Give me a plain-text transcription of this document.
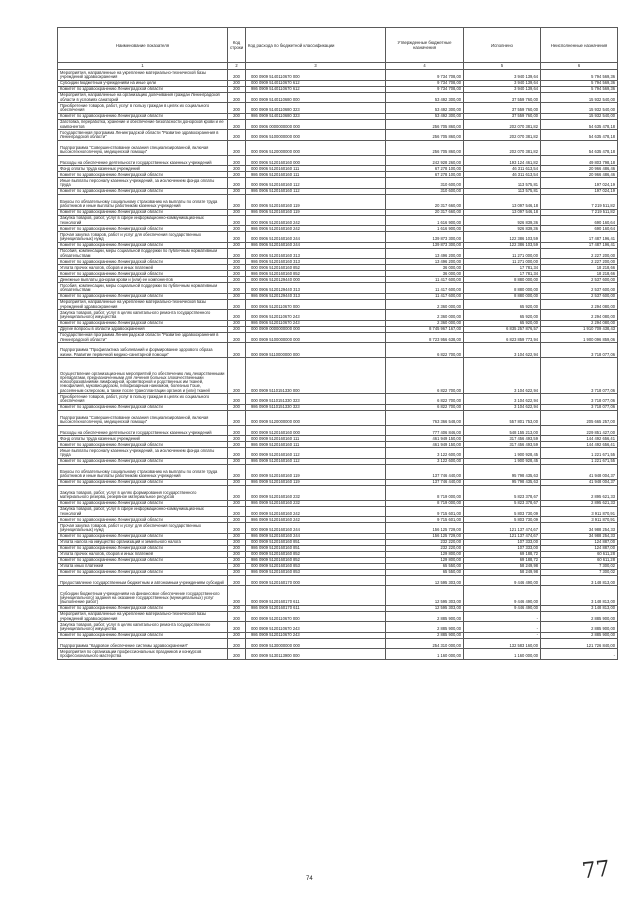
Наименование показателя	Код строки	Код расхода по бюджетной классификации	Утвержденные бюджетные назначения	Исполнено	Неисполненные назначения
1	2	3	4	5	6
Мероприятия, направленные на укрепление материально-технической базы учреждений здравоохранения	200	000 0909 5140110670 000	9 734 708,00	3 940 139,64	5 794 569,36
Субсидии бюджетным учреждениям на иные цели	200	000 0909 5140110670 612	9 734 708,00	3 940 139,64	5 794 569,36
Комитет по здравоохранению Ленинградской области	200	986 0909 5140110670 612	9 734 708,00	3 940 139,64	5 794 569,36
Мероприятия, направленные на организацию долечивания граждан Ленинградской области в условиях санаторий	200	000 0909 5140110680 000	53 492 300,00	37 559 760,00	15 932 540,00
Приобретение товаров, работ, услуг в пользу граждан в целях их социального обеспечения	200	000 0909 5140110680 323	53 492 300,00	37 559 760,00	15 932 540,00
Комитет по здравоохранению Ленинградской области	200	986 0909 5140110680 323	53 492 300,00	37 559 760,00	15 932 540,00
Заготовка, переработка, хранение и обеспечение безопасности донорской крови и ее компонентов	200	000 0906 0000000000 000	256 705 860,00	202 070 381,82	54 635 478,18
Государственная программа Ленинградской области "Развитие здравоохранения в Ленинградской области"	200	000 0906 5100000000 000	256 705 860,00	202 070 381,82	54 635 478,18
Подпрограмма "Совершенствование оказания специализированной, включая высокотехнологичную, медицинской помощи"	200	000 0906 5120000000 000	256 705 860,00	202 070 381,82	54 635 478,18
Расходы на обеспечение деятельности государственных казенных учреждений	200	000 0906 5120160160 000	242 928 260,00	193 124 461,82	49 803 798,18
Фонд оплаты труда казенных учреждений	200	000 0906 5120160160 111	67 278 100,00	46 311 613,54	20 966 486,46
Комитет по здравоохранению Ленинградской области	200	986 0906 5120160160 111	67 278 100,00	46 311 613,54	20 966 486,46
Иные выплаты персоналу казенных учреждений, за исключением фонда оплаты труда	200	000 0906 5120160160 112	310 600,00	113 575,81	197 024,19
Комитет по здравоохранению Ленинградской области	200	986 0906 5120160160 112	310 600,00	113 575,81	197 024,19
Взносы по обязательному социальному страхованию на выплаты по оплате труда работников и иные выплаты работникам казенных учреждений	200	000 0906 5120160160 119	20 317 660,00	13 097 546,18	7 219 511,82
Комитет по здравоохранению Ленинградской области	200	986 0906 5120160160 119	20 317 660,00	13 097 546,18	7 219 511,82
Закупка товаров, работ, услуг в сфере информационно-коммуникационных технологий	200	000 0906 5120160160 242	1 616 900,00	926 839,36	690 160,64
Комитет по здравоохранению Ленинградской области	200	986 0906 5120160160 242	1 616 900,00	926 839,36	690 160,64
Прочая закупка товаров, работ и услуг для обеспечения государственных (муниципальных) нужд	200	000 0906 5120160160 244	139 873 300,00	122 386 103,59	17 487 196,41
Комитет по здравоохранению Ленинградской области	200	986 0906 5120160160 244	139 873 300,00	122 386 103,59	17 487 196,41
Пособия, компенсации, меры социальной поддержки по публичным нормативным обязательствам	200	000 0906 5120160160 313	13 496 200,00	11 271 000,00	2 227 200,00
Комитет по здравоохранению Ленинградской области	200	986 0906 5120160160 313	13 496 200,00	11 271 000,00	2 227 200,00
Уплата прочих налогов, сборов и иных платежей	200	000 0906 5120160160 852	36 000,00	17 781,34	18 218,66
Комитет по здравоохранению Ленинградской области	200	986 0906 5120160160 852	36 000,00	17 781,34	18 218,66
Денежные выплаты донорам крови и (или) ее компонентов	200	000 0906 5120129440 000	11 417 600,00	8 880 000,00	2 537 600,00
Пособия, компенсации, меры социальной поддержки по публичным нормативным обязательствам	200	000 0906 5120129440 313	11 417 600,00	8 880 000,00	2 537 600,00
Комитет по здравоохранению Ленинградской области	200	986 0906 5120129440 313	11 417 600,00	8 880 000,00	2 537 600,00
Мероприятия, направленные на укрепление материально-технической базы учреждений здравоохранения	200	000 0906 5120110670 000	2 360 000,00	65 920,00	2 294 080,00
Закупка товаров, работ, услуг в целях капитального ремонта государственного (муниципального) имущества	200	000 0906 5120110670 243	2 360 000,00	65 920,00	2 294 080,00
Комитет по здравоохранению Ленинградской области	200	986 0906 5120110670 243	2 360 000,00	65 920,00	2 294 080,00
Другие вопросы в области здравоохранения	200	000 0909 0000000000 000	8 745 967 167,00	6 835 257 876,57	1 910 709 438,43
Государственная программа Ленинградской области "Развитие здравоохранения в Ленинградской области"	200	000 0909 5100000000 000	8 723 956 638,00	6 823 859 773,94	1 900 096 859,06
Подпрограмма "Профилактика заболеваний и формирование здорового образа жизни. Развитие первичной медико-санитарной помощи"	200	000 0909 5110000000 000	6 822 700,00	3 104 622,94	3 718 077,06
Осуществление организационных мероприятий по обеспечению лиц лекарственными препаратами, предназначенными для лечения больных злокачественными новообразованиями лимфоидной, кроветворной и родственных им тканей, гемофилией, муковисцидозом, гипофизарным нанизмом, болезнью Гоше, рассеянным склерозом, а также после трансплантации органов и (или) тканей	200	000 0909 5110151330 000	6 822 700,00	3 104 622,94	3 718 077,06
Приобретение товаров, работ, услуг в пользу граждан в целях их социального обеспечения	200	000 0909 5110151330 323	6 822 700,00	3 104 622,94	3 718 077,06
Комитет по здравоохранению Ленинградской области	200	986 0909 5110151330 323	6 822 700,00	3 104 622,94	3 718 077,06
Подпрограмма "Совершенствование оказания специализированной, включая высокотехнологичную, медицинской помощи"	200	000 0909 5120000000 000	763 366 548,00	557 801 753,00	205 665 257,00
Расходы на обеспечение деятельности государственных казенных учреждений	200	000 0909 5120160160 000	777 406 846,00	548 155 213,00	229 851 427,00
Фонд оплаты труда казенных учреждений	200	000 0909 5120160160 111	461 949 150,00	317 456 493,59	144 492 656,41
Комитет по здравоохранению Ленинградской области	200	986 0909 5120160160 111	461 949 150,00	317 456 493,59	144 492 656,41
Иные выплаты персоналу казенных учреждений, за исключением фонда оплаты труда	200	000 0909 5120160160 112	3 122 600,00	1 900 928,45	1 221 671,55
Комитет по здравоохранению Ленинградской области	200	986 0909 5120160160 112	3 122 600,00	1 900 928,45	1 221 671,55
Взносы по обязательному социальному страхованию на выплаты по оплате труда работников и иные выплаты работникам казенных учреждений	200	000 0909 5120160160 119	137 746 440,00	95 798 435,63	41 948 004,37
Комитет по здравоохранению Ленинградской области	200	986 0909 5120160160 119	137 746 440,00	95 798 435,63	41 948 004,37
Закупка товаров, работ, услуг в целях формирования государственного материального резерва, резервное материальное ресурсов	200	000 0909 5120160160 232	8 719 000,00	5 823 378,67	2 895 621,33
Комитет по здравоохранению Ленинградской области	200	986 0909 5120160160 232	8 719 000,00	5 823 378,67	2 895 621,33
Закупка товаров, работ, услуг в сфере информационно-коммуникационных технологий	200	000 0909 5120160160 242	9 715 601,00	5 803 730,09	3 911 870,91
Комитет по здравоохранению Ленинградской области	200	986 0909 5120160160 242	9 715 601,00	5 803 730,09	3 911 870,91
Прочая закупка товаров, работ и услуг для обеспечения государственных (муниципальных) нужд	200	000 0909 5120160160 244	156 125 729,00	121 137 474,67	34 988 254,33
Комитет по здравоохранению Ленинградской области	200	986 0909 5120160160 244	156 125 729,00	121 137 474,67	34 988 254,33
Уплата налога на имущество организаций и земельного налога	200	000 0909 5120160160 851	232 220,00	107 333,00	124 887,00
Комитет по здравоохранению Ленинградской области	200	986 0909 5120160160 851	232 220,00	107 333,00	124 887,00
Уплата прочих налогов, сборов и иных платежей	200	000 0909 5120160160 852	129 800,00	69 188,72	60 611,28
Комитет по здравоохранению Ленинградской области	200	986 0909 5120160160 852	129 800,00	69 188,72	60 611,28
Уплата иных платежей	200	000 0909 5120160160 853	65 550,00	58 249,98	7 300,02
Комитет по здравоохранению Ленинградской области	200	986 0909 5120160160 853	65 550,00	58 249,98	7 300,02
Предоставление государственным бюджетным и автономным учреждениям субсидий	200	000 0909 5120160170 000	12 595 303,00	9 446 490,00	3 148 813,00
Субсидии бюджетным учреждениям на финансовое обеспечение государственного (муниципального) задания на оказание государственных (муниципальных) услуг (выполнение работ)	200	000 0909 5120160170 611	12 595 303,00	9 446 490,00	3 148 813,00
Комитет по здравоохранению Ленинградской области	200	986 0909 5120160170 611	12 595 303,00	9 446 490,00	3 148 813,00
Мероприятия, направленные на укрепление материально-технической базы учреждений здравоохранения	200	000 0909 5120110670 000	2 885 900,00	-	2 885 900,00
Закупка товаров, работ, услуг в целях капитального ремонта государственного (муниципального) имущества	200	000 0909 5120110670 243	2 885 900,00	-	2 885 900,00
Комитет по здравоохранению Ленинградской области	200	986 0909 5120110670 243	2 885 900,00	-	2 885 900,00
Подпрограмма "Кадровое обеспечение системы здравоохранения"	200	000 0909 5130000000 000	254 310 000,00	132 583 160,00	121 726 840,00
Мероприятия по организации профессиональных праздников и конкурсов профессионального мастерства	200	000 0909 5130113900 000	1 160 000,00	1 160 000,00	-
74	77
